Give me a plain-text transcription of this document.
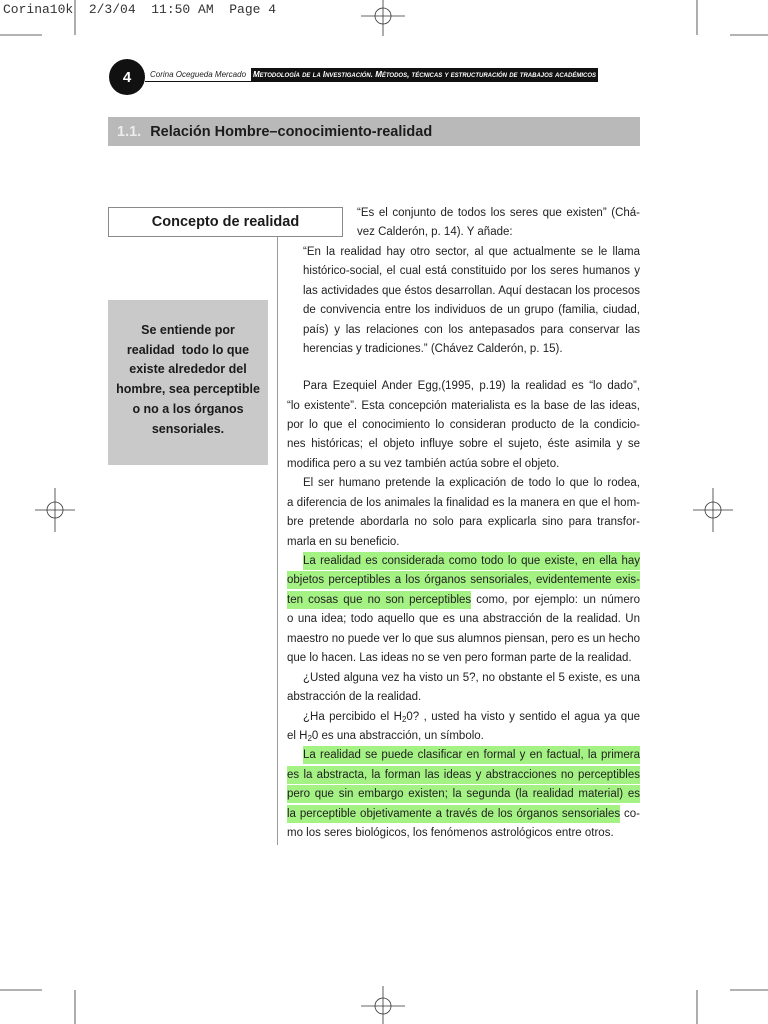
Corina10k  2/3/04  11:50 AM  Page 4
4	Corina Ocegueda Mercado Metodología de la Investigación. Métodos, técnicas y estructuración de trabajos académicos
1.1. Relación Hombre–conocimiento-realidad
Concepto de realidad
Se entiende por
realidad  todo lo que
existe alrededor del
hombre, sea perceptible
o no a los órganos
sensoriales.
“Es el conjunto de todos los seres que existen” (Chá-
vez Calderón, p. 14). Y añade:
“En la realidad hay otro sector, al que actualmente se le llama
histórico-social, el cual está constituido por los seres humanos y
las actividades que éstos desarrollan. Aquí destacan los procesos
de convivencia entre los individuos de un grupo (familia, ciudad,
país) y las relaciones con los antepasados para conservar las
herencias y tradiciones.” (Chávez Calderón, p. 15).
Para Ezequiel Ander Egg,(1995, p.19) la realidad es “lo dado”,
“lo existente”. Esta concepción materialista es la base de las ideas,
por lo que el conocimiento lo consideran producto de la condicio-
nes históricas; el objeto influye sobre el sujeto, éste asimila y se
modifica pero a su vez también actúa sobre el objeto.
El ser humano pretende la explicación de todo lo que lo rodea,
a diferencia de los animales la finalidad es la manera en que el hom-
bre pretende abordarla no solo para explicarla sino para transfor-
marla en su beneficio.
La realidad es considerada como todo lo que existe, en ella hay
objetos perceptibles a los órganos sensoriales, evidentemente exis-
ten cosas que no son perceptibles como, por ejemplo: un número
o una idea; todo aquello que es una abstracción de la realidad. Un
maestro no puede ver lo que sus alumnos piensan, pero es un hecho
que lo hacen. Las ideas no se ven pero forman parte de la realidad.
¿Usted alguna vez ha visto un 5?, no obstante el 5 existe, es una
abstracción de la realidad.
¿Ha percibido el $H_20$? , usted ha visto y sentido el agua ya que
el $H_20$ es una abstracción, un símbolo.
La realidad se puede clasificar en formal y en factual, la primera
es la abstracta, la forman las ideas y abstracciones no perceptibles
pero que sin embargo existen; la segunda (la realidad material) es
la perceptible objetivamente a través de los órganos sensoriales co-
mo los seres biológicos, los fenómenos astrológicos entre otros.
